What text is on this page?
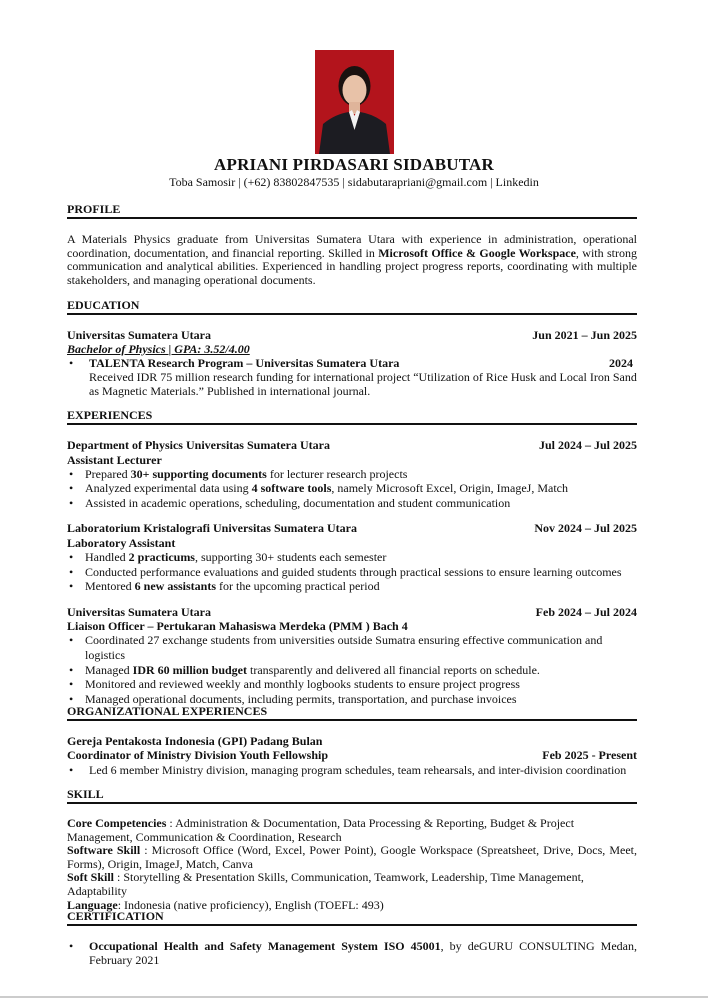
APRIANI PIRDASARI SIDABUTAR
Toba Samosir | (+62) 83802847535 | sidabutarapriani@gmail.com | Linkedin
PROFILE
A Materials Physics graduate from Universitas Sumatera Utara with experience in administration, operational coordination, documentation, and financial reporting. Skilled in Microsoft Office & Google Workspace, with strong communication and analytical abilities. Experienced in handling project progress reports, coordinating with multiple stakeholders, and managing operational documents.
EDUCATION
Universitas Sumatera Utara	Jun 2021 – Jun 2025
Bachelor of Physics | GPA: 3.52/4.00
• TALENTA Research Program – Universitas Sumatera Utara	2024
Received IDR 75 million research funding for international project “Utilization of Rice Husk and Local Iron Sand as Magnetic Materials.” Published in international journal.
EXPERIENCES
Department of Physics Universitas Sumatera Utara	Jul 2024 – Jul 2025
Assistant Lecturer
• Prepared 30+ supporting documents for lecturer research projects
• Analyzed experimental data using 4 software tools, namely Microsoft Excel, Origin, ImageJ, Match
• Assisted in academic operations, scheduling, documentation and student communication
Laboratorium Kristalografi Universitas Sumatera Utara	Nov 2024 – Jul 2025
Laboratory Assistant
• Handled 2 practicums, supporting 30+ students each semester
• Conducted performance evaluations and guided students through practical sessions to ensure learning outcomes
• Mentored 6 new assistants for the upcoming practical period
Universitas Sumatera Utara	Feb 2024 – Jul 2024
Liaison Officer – Pertukaran Mahasiswa Merdeka (PMM ) Bach 4
• Coordinated 27 exchange students from universities outside Sumatra ensuring effective communication and logistics
• Managed IDR 60 million budget transparently and delivered all financial reports on schedule.
• Monitored and reviewed weekly and monthly logbooks students to ensure project progress
• Managed operational documents, including permits, transportation, and purchase invoices
ORGANIZATIONAL EXPERIENCES
Gereja Pentakosta Indonesia (GPI) Padang Bulan
Coordinator of Ministry Division Youth Fellowship	Feb 2025 - Present
• Led 6 member Ministry division, managing program schedules, team rehearsals, and inter-division coordination
SKILL
Core Competencies : Administration & Documentation, Data Processing & Reporting, Budget & Project Management, Communication & Coordination, Research
Software Skill : Microsoft Office (Word, Excel, Power Point), Google Workspace (Spreatsheet, Drive, Docs, Meet, Forms), Origin, ImageJ, Match, Canva
Soft Skill : Storytelling & Presentation Skills, Communication, Teamwork, Leadership, Time Management, Adaptability
Language: Indonesia (native proficiency), English (TOEFL: 493)
CERTIFICATION
• Occupational Health and Safety Management System ISO 45001, by deGURU CONSULTING Medan, February 2021
